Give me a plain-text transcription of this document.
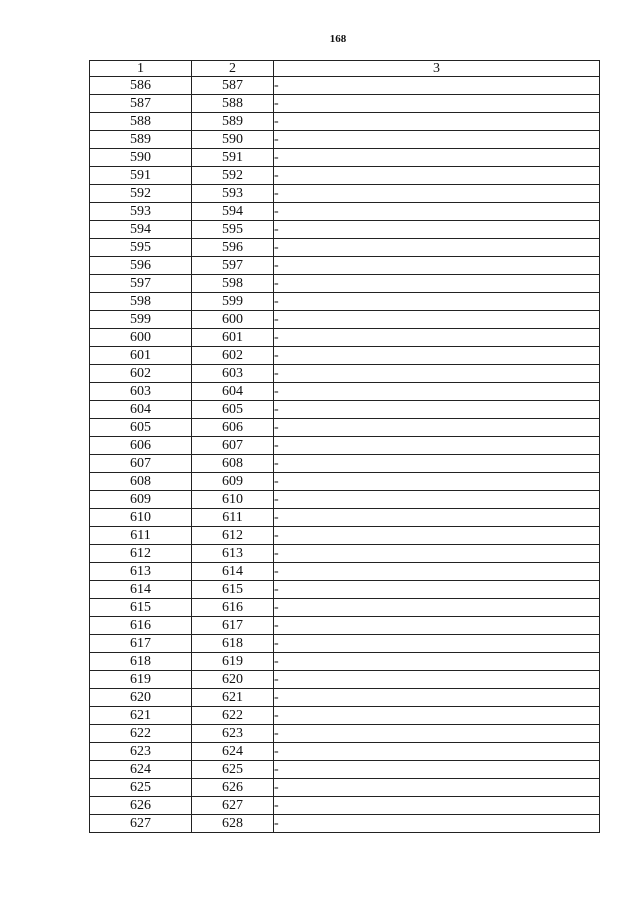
168
1	2	3
586	587	-
587	588	-
588	589	-
589	590	-
590	591	-
591	592	-
592	593	-
593	594	-
594	595	-
595	596	-
596	597	-
597	598	-
598	599	-
599	600	-
600	601	-
601	602	-
602	603	-
603	604	-
604	605	-
605	606	-
606	607	-
607	608	-
608	609	-
609	610	-
610	611	-
611	612	-
612	613	-
613	614	-
614	615	-
615	616	-
616	617	-
617	618	-
618	619	-
619	620	-
620	621	-
621	622	-
622	623	-
623	624	-
624	625	-
625	626	-
626	627	-
627	628	-
